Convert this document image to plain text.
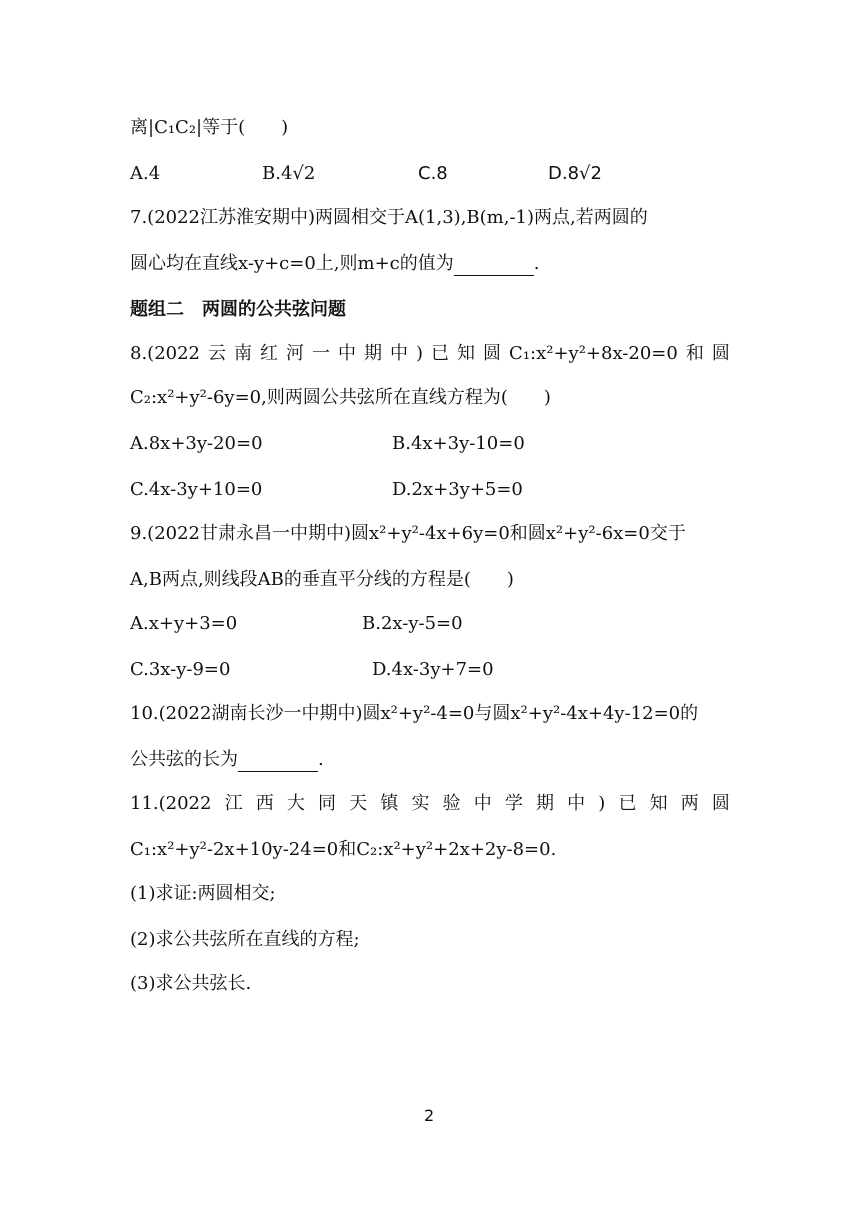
离|C₁C₂|等于(　　)
A.4	B.4√2	C.8	D.8√2
7.(2022江苏淮安期中)两圆相交于A(1,3),B(m,-1)两点,若两圆的
圆心均在直线x-y+c=0上,则m+c的值为	.
题组二　两圆的公共弦问题
8.(2022 云 南 红 河 一 中 期 中 ) 已 知 圆 C₁:x²+y²+8x-20=0 和 圆
C₂:x²+y²-6y=0,则两圆公共弦所在直线方程为(　　)
A.8x+3y-20=0	B.4x+3y-10=0
C.4x-3y+10=0	D.2x+3y+5=0
9.(2022甘肃永昌一中期中)圆x²+y²-4x+6y=0和圆x²+y²-6x=0交于
A,B两点,则线段AB的垂直平分线的方程是(　　)
A.x+y+3=0	B.2x-y-5=0
C.3x-y-9=0	D.4x-3y+7=0
10.(2022湖南长沙一中期中)圆x²+y²-4=0与圆x²+y²-4x+4y-12=0的
公共弦的长为	.
11.(2022 江 西 大 同 天 镇 实 验 中 学 期 中 ) 已 知 两 圆
C₁:x²+y²-2x+10y-24=0和C₂:x²+y²+2x+2y-8=0.
(1)求证:两圆相交;
(2)求公共弦所在直线的方程;
(3)求公共弦长.
2
